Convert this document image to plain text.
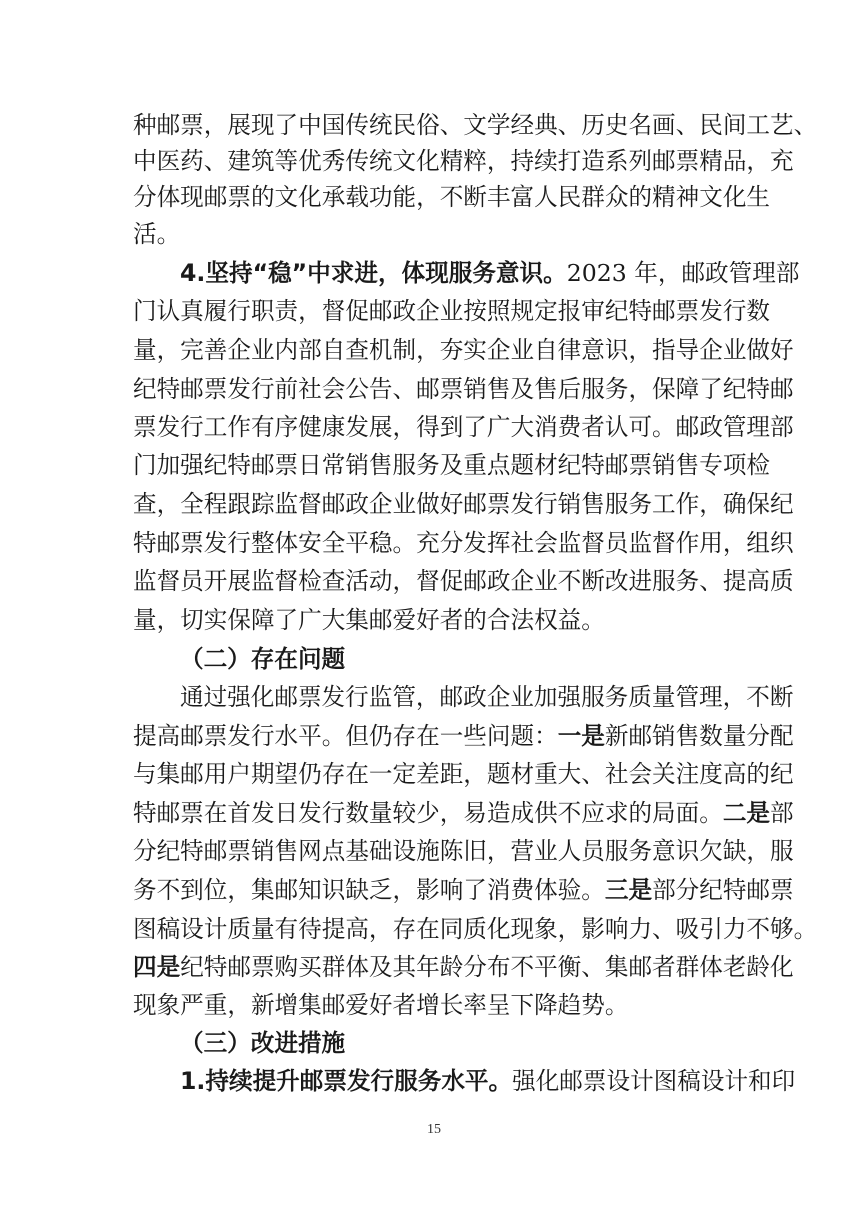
种邮票，展现了中国传统民俗、文学经典、历史名画、民间工艺、
中医药、建筑等优秀传统文化精粹，持续打造系列邮票精品，充
分体现邮票的文化承载功能，不断丰富人民群众的精神文化生
活。
4.坚持“稳”中求进，体现服务意识。2023 年，邮政管理部
门认真履行职责，督促邮政企业按照规定报审纪特邮票发行数
量，完善企业内部自查机制，夯实企业自律意识，指导企业做好
纪特邮票发行前社会公告、邮票销售及售后服务，保障了纪特邮
票发行工作有序健康发展，得到了广大消费者认可。邮政管理部
门加强纪特邮票日常销售服务及重点题材纪特邮票销售专项检
查，全程跟踪监督邮政企业做好邮票发行销售服务工作，确保纪
特邮票发行整体安全平稳。充分发挥社会监督员监督作用，组织
监督员开展监督检查活动，督促邮政企业不断改进服务、提高质
量，切实保障了广大集邮爱好者的合法权益。
（二）存在问题
通过强化邮票发行监管，邮政企业加强服务质量管理，不断
提高邮票发行水平。但仍存在一些问题：一是新邮销售数量分配
与集邮用户期望仍存在一定差距，题材重大、社会关注度高的纪
特邮票在首发日发行数量较少，易造成供不应求的局面。二是部
分纪特邮票销售网点基础设施陈旧，营业人员服务意识欠缺，服
务不到位，集邮知识缺乏，影响了消费体验。三是部分纪特邮票
图稿设计质量有待提高，存在同质化现象，影响力、吸引力不够。
四是纪特邮票购买群体及其年龄分布不平衡、集邮者群体老龄化
现象严重，新增集邮爱好者增长率呈下降趋势。
（三）改进措施
1.持续提升邮票发行服务水平。强化邮票设计图稿设计和印
15
